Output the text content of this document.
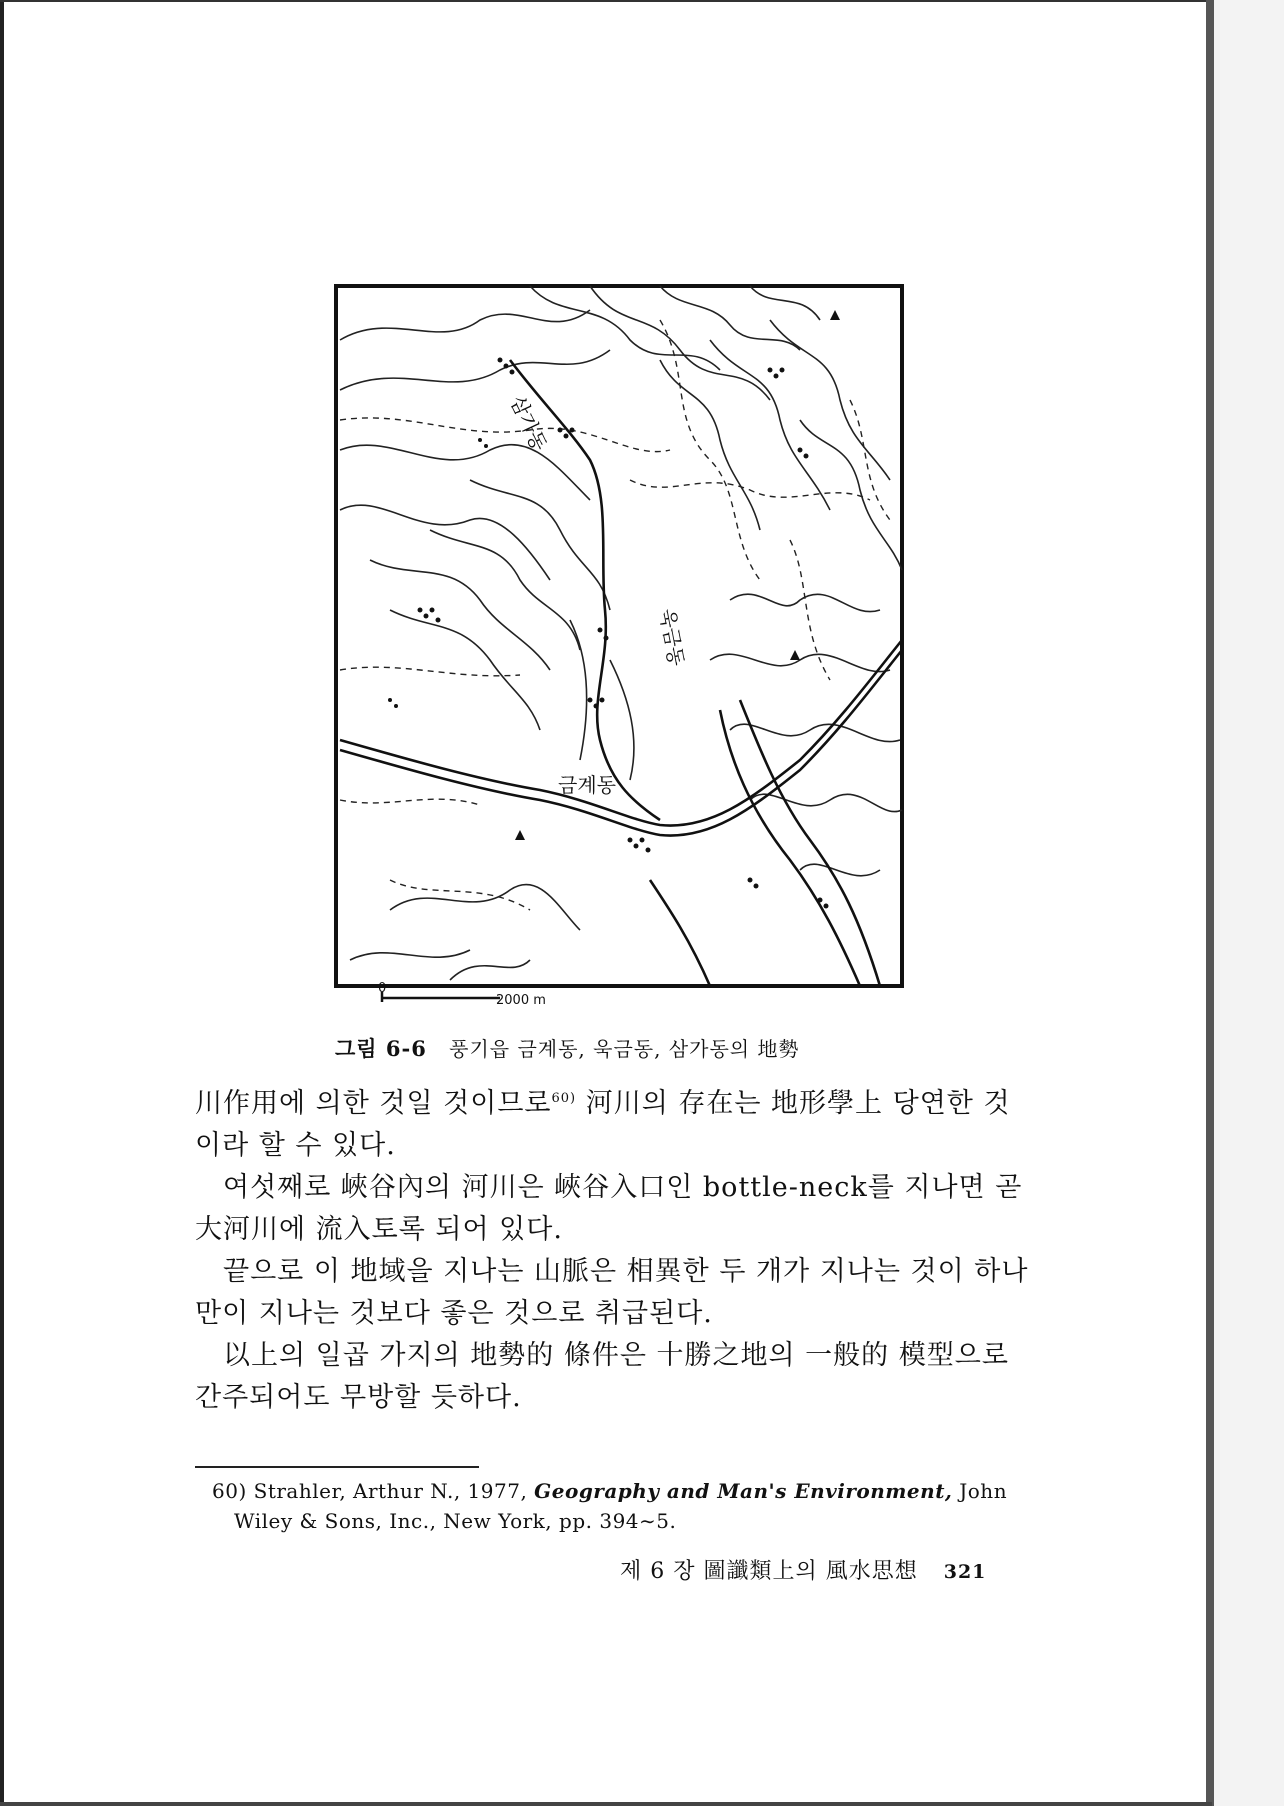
삼가동
욱금동
금계동
0
2000 m
그림 6-6 풍기읍 금계동, 욱금동, 삼가동의 地勢

川作用에 의한 것일 것이므로$^{60)}$ 河川의 存在는 地形學上 당연한 것이라 할 수 있다.

여섯째로 峽谷內의 河川은 峽谷入口인 bottle-neck를 지나면 곧 大河川에 流入토록 되어 있다.

끝으로 이 地域을 지나는 山脈은 相異한 두 개가 지나는 것이 하나만이 지나는 것보다 좋은 것으로 취급된다.

以上의 일곱 가지의 地勢的 條件은 十勝之地의 一般的 模型으로 간주되어도 무방할 듯하다.

60) Strahler, Arthur N., 1977, Geography and Man's Environment, John
Wiley & Sons, Inc., New York, pp. 394∼5.
제 6 장 圖讖類上의 風水思想 321
